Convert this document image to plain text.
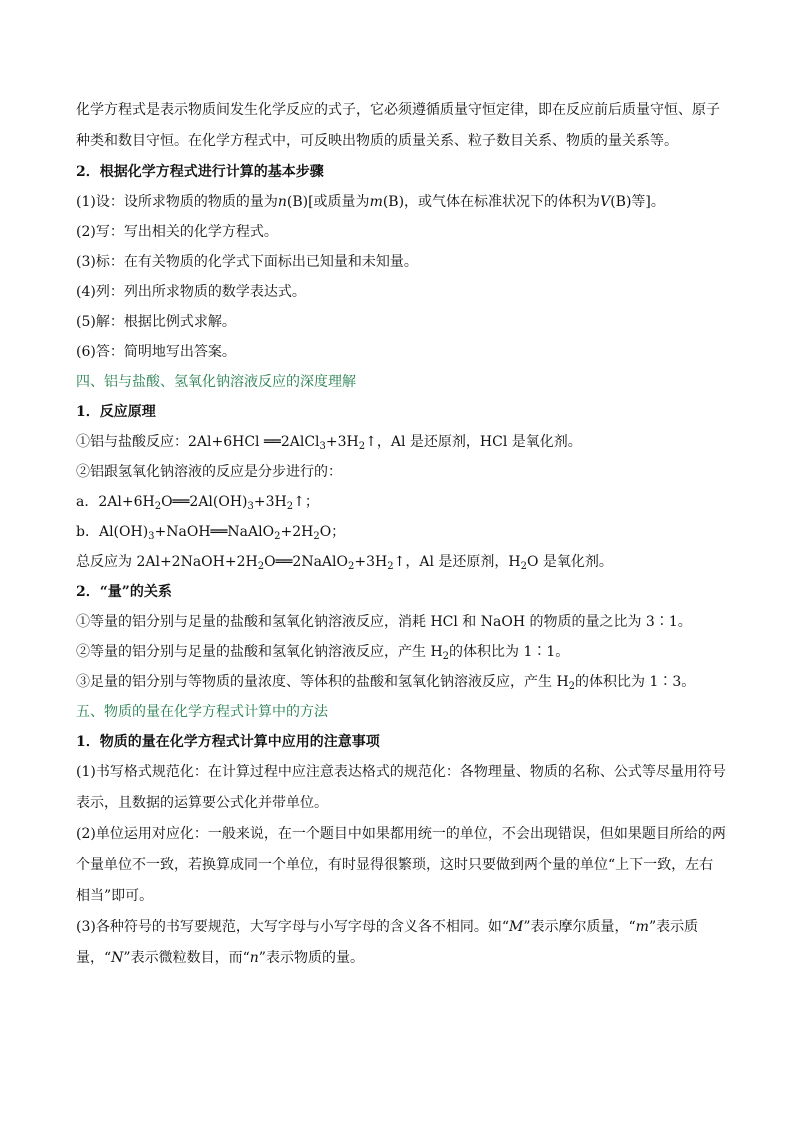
化学方程式是表示物质间发生化学反应的式子，它必须遵循质量守恒定律，即在反应前后质量守恒、原子种类和数目守恒。在化学方程式中，可反映出物质的质量关系、粒子数目关系、物质的量关系等。

2．根据化学方程式进行计算的基本步骤

(1)设：设所求物质的物质的量为n(B)[或质量为m(B)，或气体在标准状况下的体积为V(B)等]。

(2)写：写出相关的化学方程式。

(3)标：在有关物质的化学式下面标出已知量和未知量。

(4)列：列出所求物质的数学表达式。

(5)解：根据比例式求解。

(6)答：简明地写出答案。

四、铝与盐酸、氢氧化钠溶液反应的深度理解

1．反应原理

①铝与盐酸反应：2Al+6HCl $══2AlCl_3+3H_2↑$，Al 是还原剂，HCl 是氧化剂。

②铝跟氢氧化钠溶液的反应是分步进行的：

a．$2Al+6H_2O══2Al(OH)_3+3H_2↑$；

b．$Al(OH)_3+NaOH══NaAlO_2+2H_2O$；

总反应为 $2Al+2NaOH+2H_2O══2NaAlO_2+3H_2↑$，Al 是还原剂，$H_2O$ 是氧化剂。

2．“量”的关系

①等量的铝分别与足量的盐酸和氢氧化钠溶液反应，消耗 HCl 和 NaOH 的物质的量之比为 3∶1。

②等量的铝分别与足量的盐酸和氢氧化钠溶液反应，产生 $H_2$的体积比为 1∶1。

③足量的铝分别与等物质的量浓度、等体积的盐酸和氢氧化钠溶液反应，产生 $H_2$的体积比为 1∶3。

五、物质的量在化学方程式计算中的方法

1．物质的量在化学方程式计算中应用的注意事项

(1)书写格式规范化：在计算过程中应注意表达格式的规范化：各物理量、物质的名称、公式等尽量用符号表示，且数据的运算要公式化并带单位。

(2)单位运用对应化：一般来说，在一个题目中如果都用统一的单位，不会出现错误，但如果题目所给的两个量单位不一致，若换算成同一个单位，有时显得很繁琐，这时只要做到两个量的单位“上下一致，左右相当”即可。

(3)各种符号的书写要规范，大写字母与小写字母的含义各不相同。如“M”表示摩尔质量，“m”表示质量，“N”表示微粒数目，而“n”表示物质的量。
